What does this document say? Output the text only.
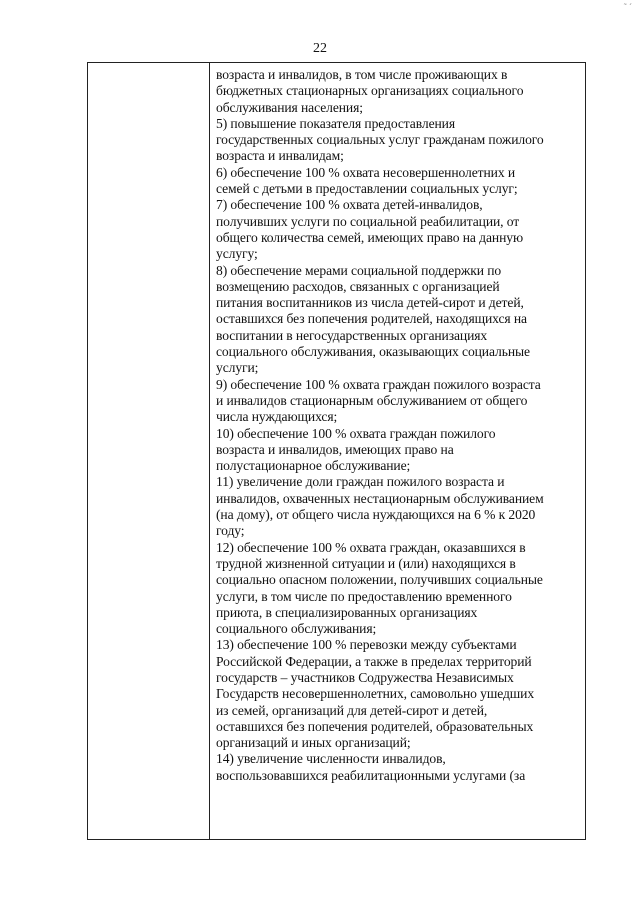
˜ ´
22

возраста и инвалидов, в том числе проживающих в
бюджетных стационарных организациях социального
обслуживания населения;
5) повышение показателя предоставления
государственных социальных услуг гражданам пожилого
возраста и инвалидам;
6) обеспечение 100 % охвата несовершеннолетних и
семей с детьми в предоставлении социальных услуг;
7) обеспечение 100 % охвата детей-инвалидов,
получивших услуги по социальной реабилитации, от
общего количества семей, имеющих право на данную
услугу;
8) обеспечение мерами социальной поддержки по
возмещению расходов, связанных с организацией
питания воспитанников из числа детей-сирот и детей,
оставшихся без попечения родителей, находящихся на
воспитании в негосударственных организациях
социального обслуживания, оказывающих социальные
услуги;
9) обеспечение 100 % охвата граждан пожилого возраста
и инвалидов стационарным обслуживанием от общего
числа нуждающихся;
10) обеспечение 100 % охвата граждан пожилого
возраста и инвалидов, имеющих право на
полустационарное обслуживание;
11) увеличение доли граждан пожилого возраста и
инвалидов, охваченных нестационарным обслуживанием
(на дому), от общего числа нуждающихся на 6 % к 2020
году;
12) обеспечение 100 % охвата граждан, оказавшихся в
трудной жизненной ситуации и (или) находящихся в
социально опасном положении, получивших социальные
услуги, в том числе по предоставлению временного
приюта, в специализированных организациях
социального обслуживания;
13) обеспечение 100 % перевозки между субъектами
Российской Федерации, а также в пределах территорий
государств – участников Содружества Независимых
Государств несовершеннолетних, самовольно ушедших
из семей, организаций для детей-сирот и детей,
оставшихся без попечения родителей, образовательных
организаций и иных организаций;
14) увеличение численности инвалидов,
воспользовавшихся реабилитационными услугами (за
